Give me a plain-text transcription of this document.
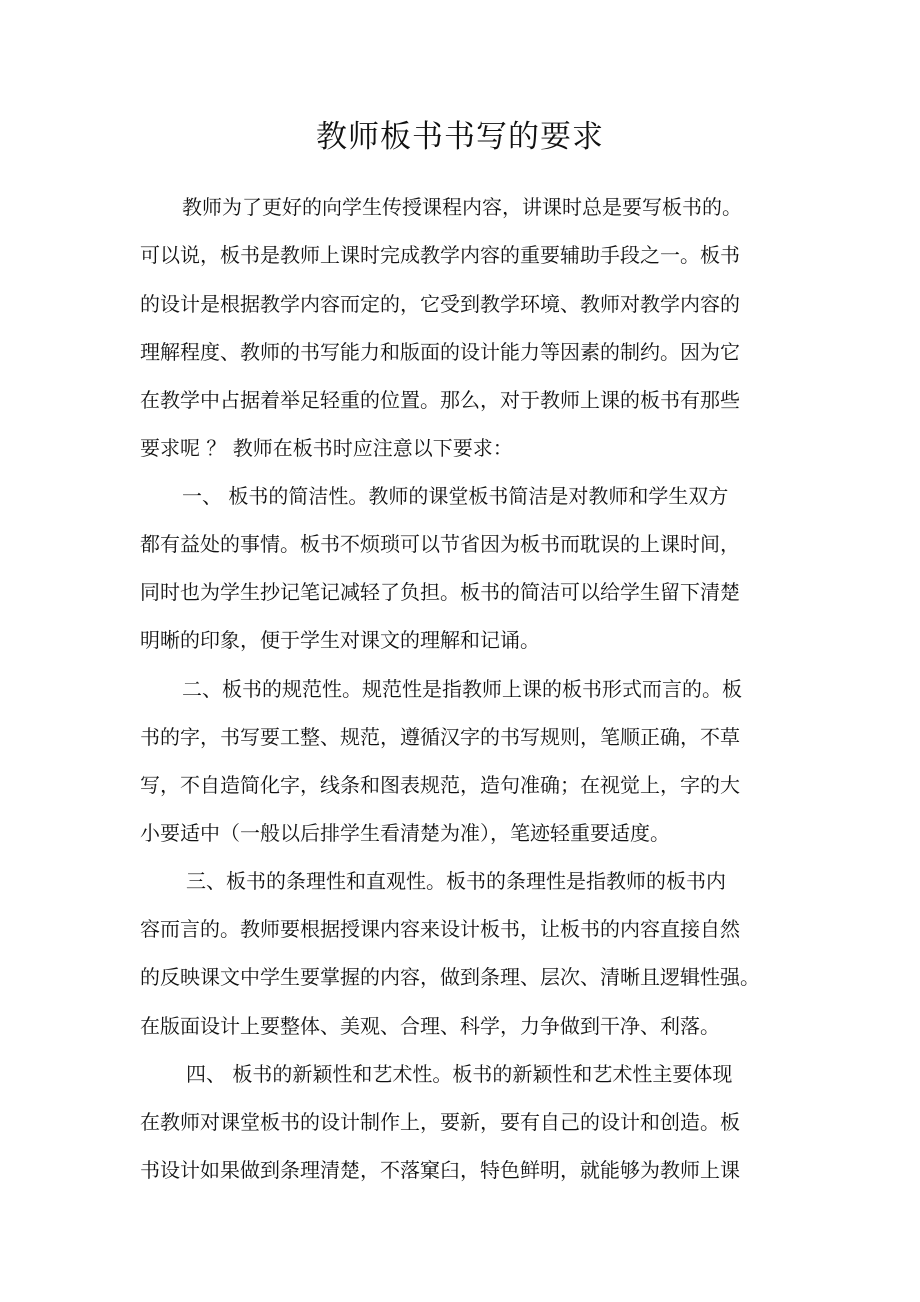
教师板书书写的要求
教师为了更好的向学生传授课程内容，讲课时总是要写板书的。
可以说，板书是教师上课时完成教学内容的重要辅助手段之一。板书
的设计是根据教学内容而定的，它受到教学环境、教师对教学内容的
理解程度、教师的书写能力和版面的设计能力等因素的制约。因为它
在教学中占据着举足轻重的位置。那么，对于教师上课的板书有那些
要求呢 ？ 教师在板书时应注意以下要求：
一、 板书的简洁性。教师的课堂板书简洁是对教师和学生双方
都有益处的事情。板书不烦琐可以节省因为板书而耽误的上课时间，
同时也为学生抄记笔记减轻了负担。板书的简洁可以给学生留下清楚
明晰的印象，便于学生对课文的理解和记诵。
二、板书的规范性。规范性是指教师上课的板书形式而言的。板
书的字，书写要工整、规范，遵循汉字的书写规则，笔顺正确，不草
写，不自造简化字，线条和图表规范，造句准确；在视觉上，字的大
小要适中（一般以后排学生看清楚为准），笔迹轻重要适度。
三、板书的条理性和直观性。板书的条理性是指教师的板书内
容而言的。教师要根据授课内容来设计板书，让板书的内容直接自然
的反映课文中学生要掌握的内容，做到条理、层次、清晰且逻辑性强。
在版面设计上要整体、美观、合理、科学，力争做到干净、利落。
四、 板书的新颖性和艺术性。板书的新颖性和艺术性主要体现
在教师对课堂板书的设计制作上，要新，要有自己的设计和创造。板
书设计如果做到条理清楚，不落窠臼，特色鲜明，就能够为教师上课
